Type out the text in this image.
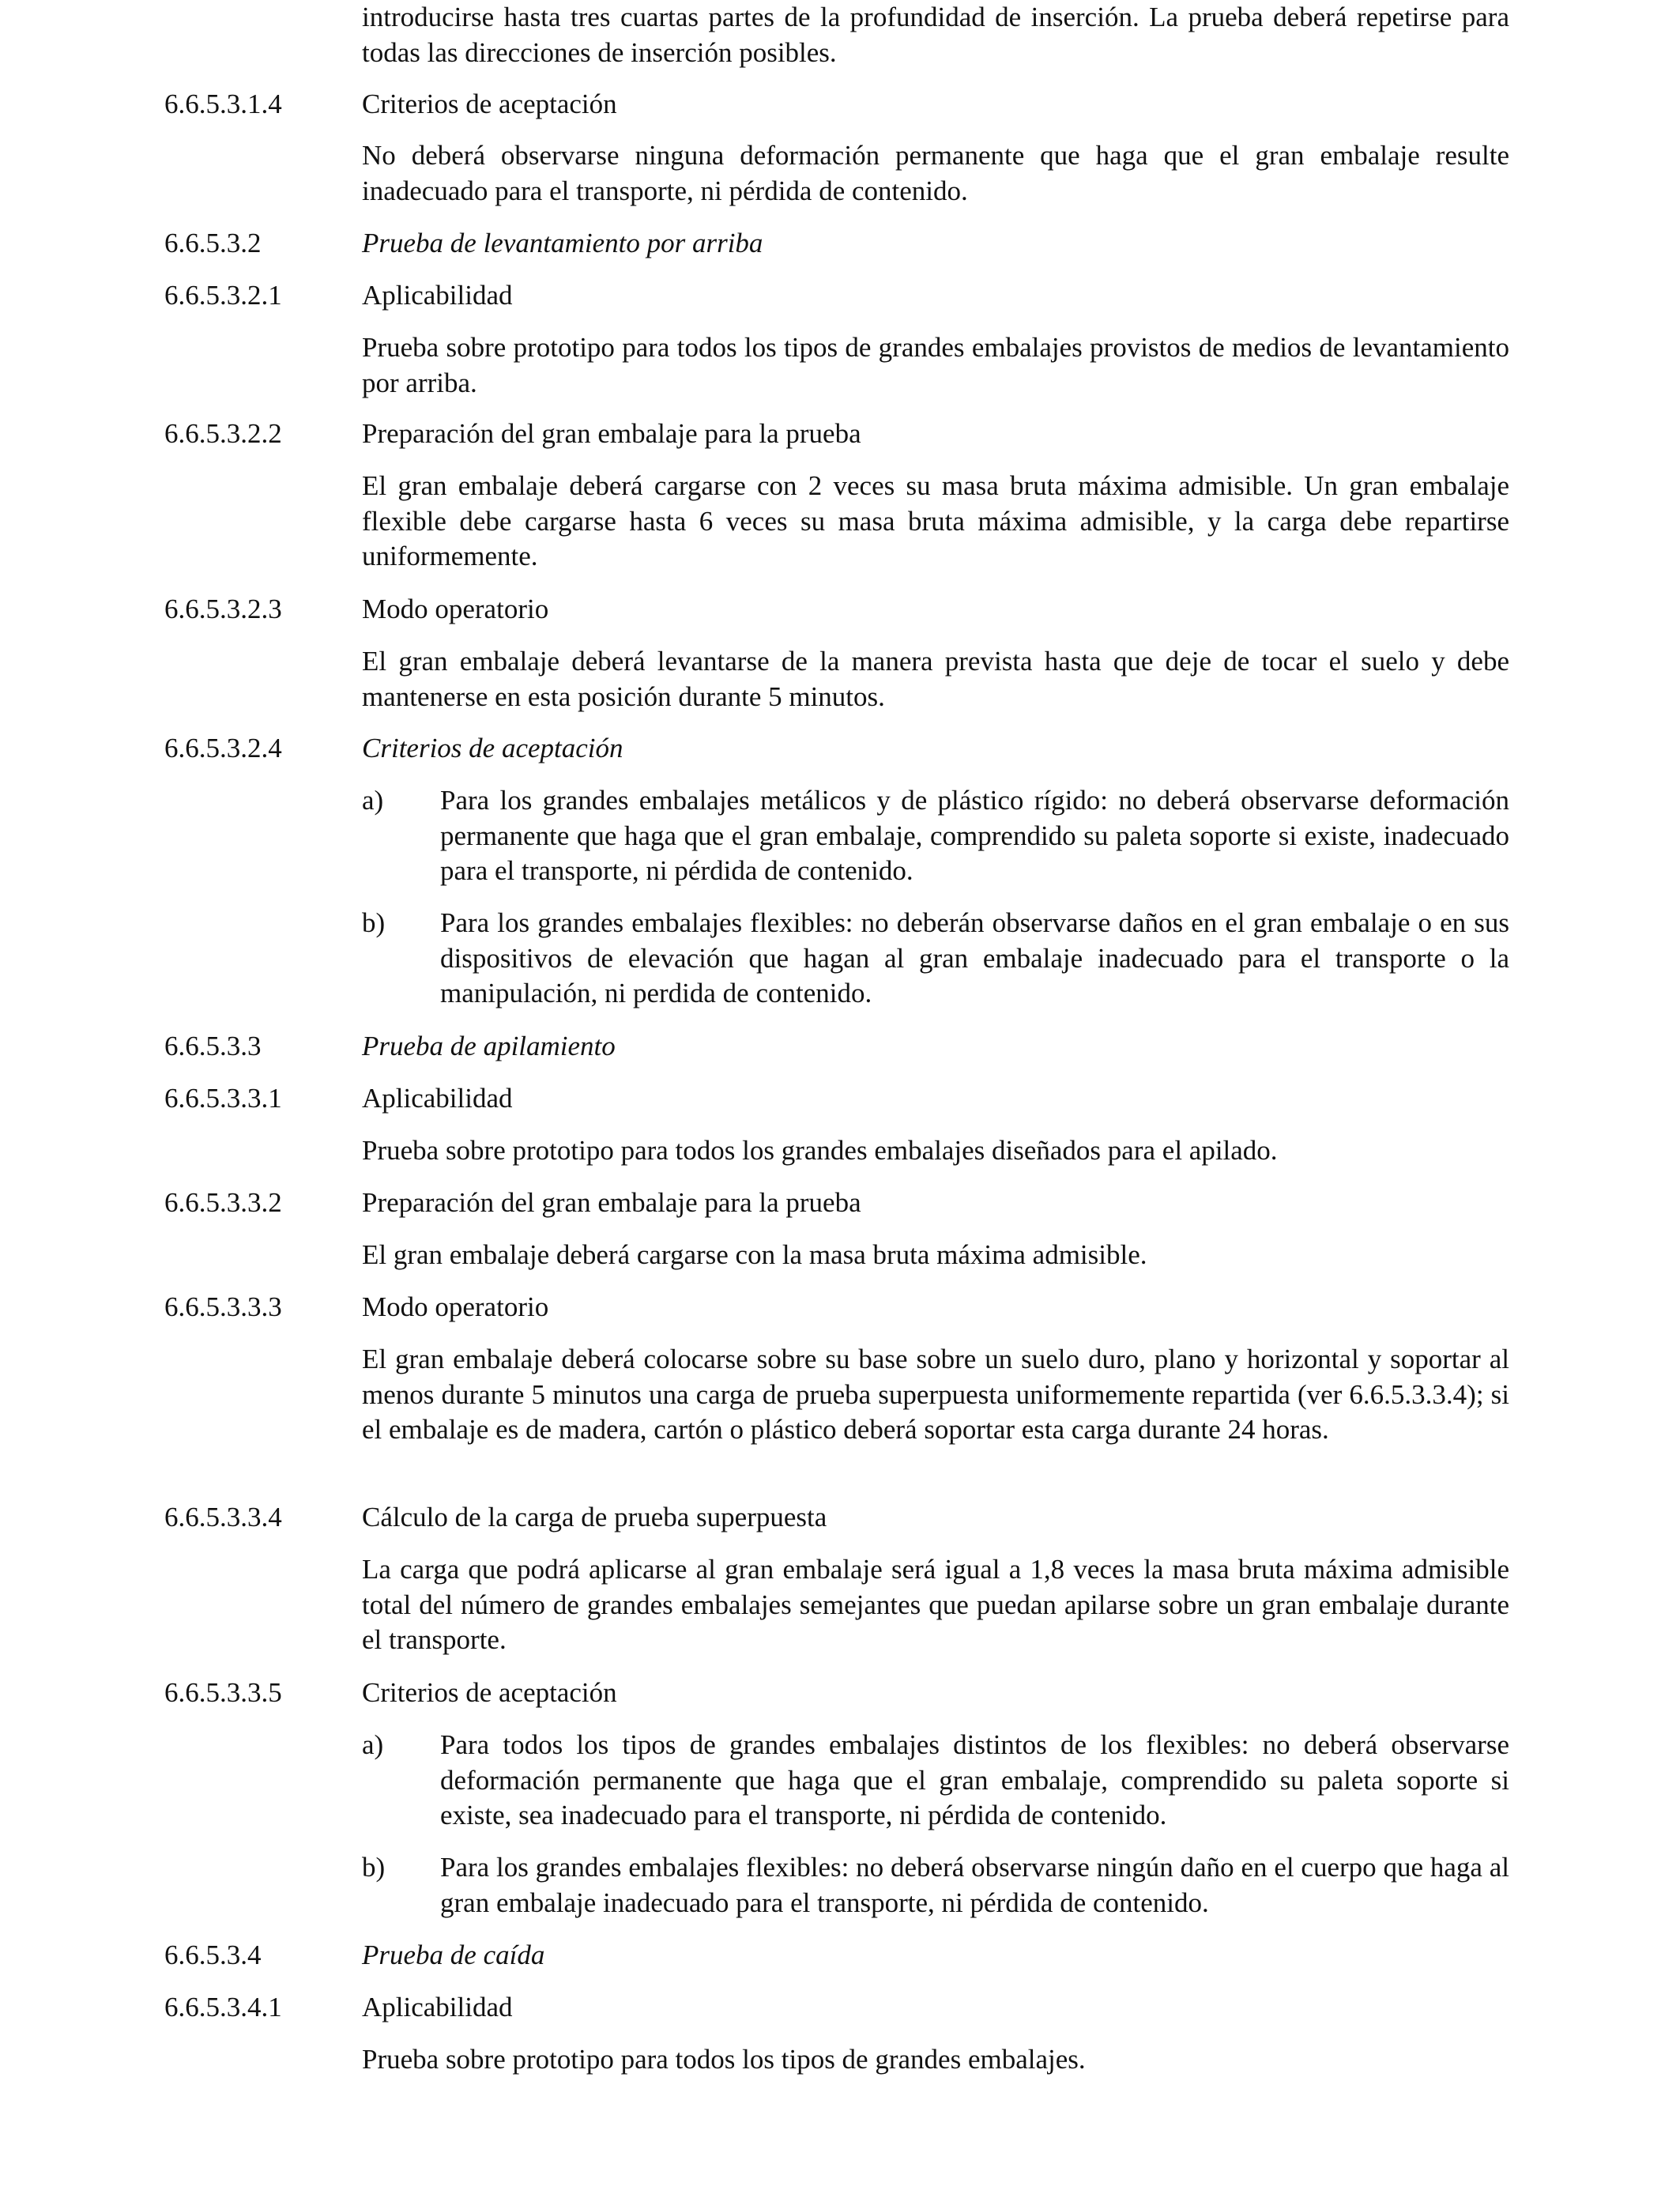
introducirse hasta tres cuartas partes de la profundidad de inserción. La prueba deberá repetirse para todas las direcciones de inserción posibles.
6.6.5.3.1.4	Criterios de aceptación
No deberá observarse ninguna deformación permanente que haga que el gran embalaje resulte inadecuado para el transporte, ni pérdida de contenido.
6.6.5.3.2	Prueba de levantamiento por arriba
6.6.5.3.2.1	Aplicabilidad
Prueba sobre prototipo para todos los tipos de grandes embalajes provistos de medios de levantamiento por arriba.
6.6.5.3.2.2	Preparación del gran embalaje para la prueba
El gran embalaje deberá cargarse con 2 veces su masa bruta máxima admisible. Un gran embalaje flexible debe cargarse hasta 6 veces su masa bruta máxima admisible, y la carga debe repartirse uniformemente.
6.6.5.3.2.3	Modo operatorio
El gran embalaje deberá levantarse de la manera prevista hasta que deje de tocar el suelo y debe mantenerse en esta posición durante 5 minutos.
6.6.5.3.2.4	Criterios de aceptación
a) Para los grandes embalajes metálicos y de plástico rígido: no deberá observarse deformación permanente que haga que el gran embalaje, comprendido su paleta soporte si existe, inadecuado para el transporte, ni pérdida de contenido.
b) Para los grandes embalajes flexibles: no deberán observarse daños en el gran embalaje o en sus dispositivos de elevación que hagan al gran embalaje inadecuado para el transporte o la manipulación, ni perdida de contenido.
6.6.5.3.3	Prueba de apilamiento
6.6.5.3.3.1	Aplicabilidad
Prueba sobre prototipo para todos los grandes embalajes diseñados para el apilado.
6.6.5.3.3.2	Preparación del gran embalaje para la prueba
El gran embalaje deberá cargarse con la masa bruta máxima admisible.
6.6.5.3.3.3	Modo operatorio
El gran embalaje deberá colocarse sobre su base sobre un suelo duro, plano y horizontal y soportar al menos durante 5 minutos una carga de prueba superpuesta uniformemente repartida (ver 6.6.5.3.3.4); si el embalaje es de madera, cartón o plástico deberá soportar esta carga durante 24 horas.
6.6.5.3.3.4	Cálculo de la carga de prueba superpuesta
La carga que podrá aplicarse al gran embalaje será igual a 1,8 veces la masa bruta máxima admisible total del número de grandes embalajes semejantes que puedan apilarse sobre un gran embalaje durante el transporte.
6.6.5.3.3.5	Criterios de aceptación
a) Para todos los tipos de grandes embalajes distintos de los flexibles: no deberá observarse deformación permanente que haga que el gran embalaje, comprendido su paleta soporte si existe, sea inadecuado para el transporte, ni pérdida de contenido.
b) Para los grandes embalajes flexibles: no deberá observarse ningún daño en el cuerpo que haga al gran embalaje inadecuado para el transporte, ni pérdida de contenido.
6.6.5.3.4	Prueba de caída
6.6.5.3.4.1	Aplicabilidad
Prueba sobre prototipo para todos los tipos de grandes embalajes.
